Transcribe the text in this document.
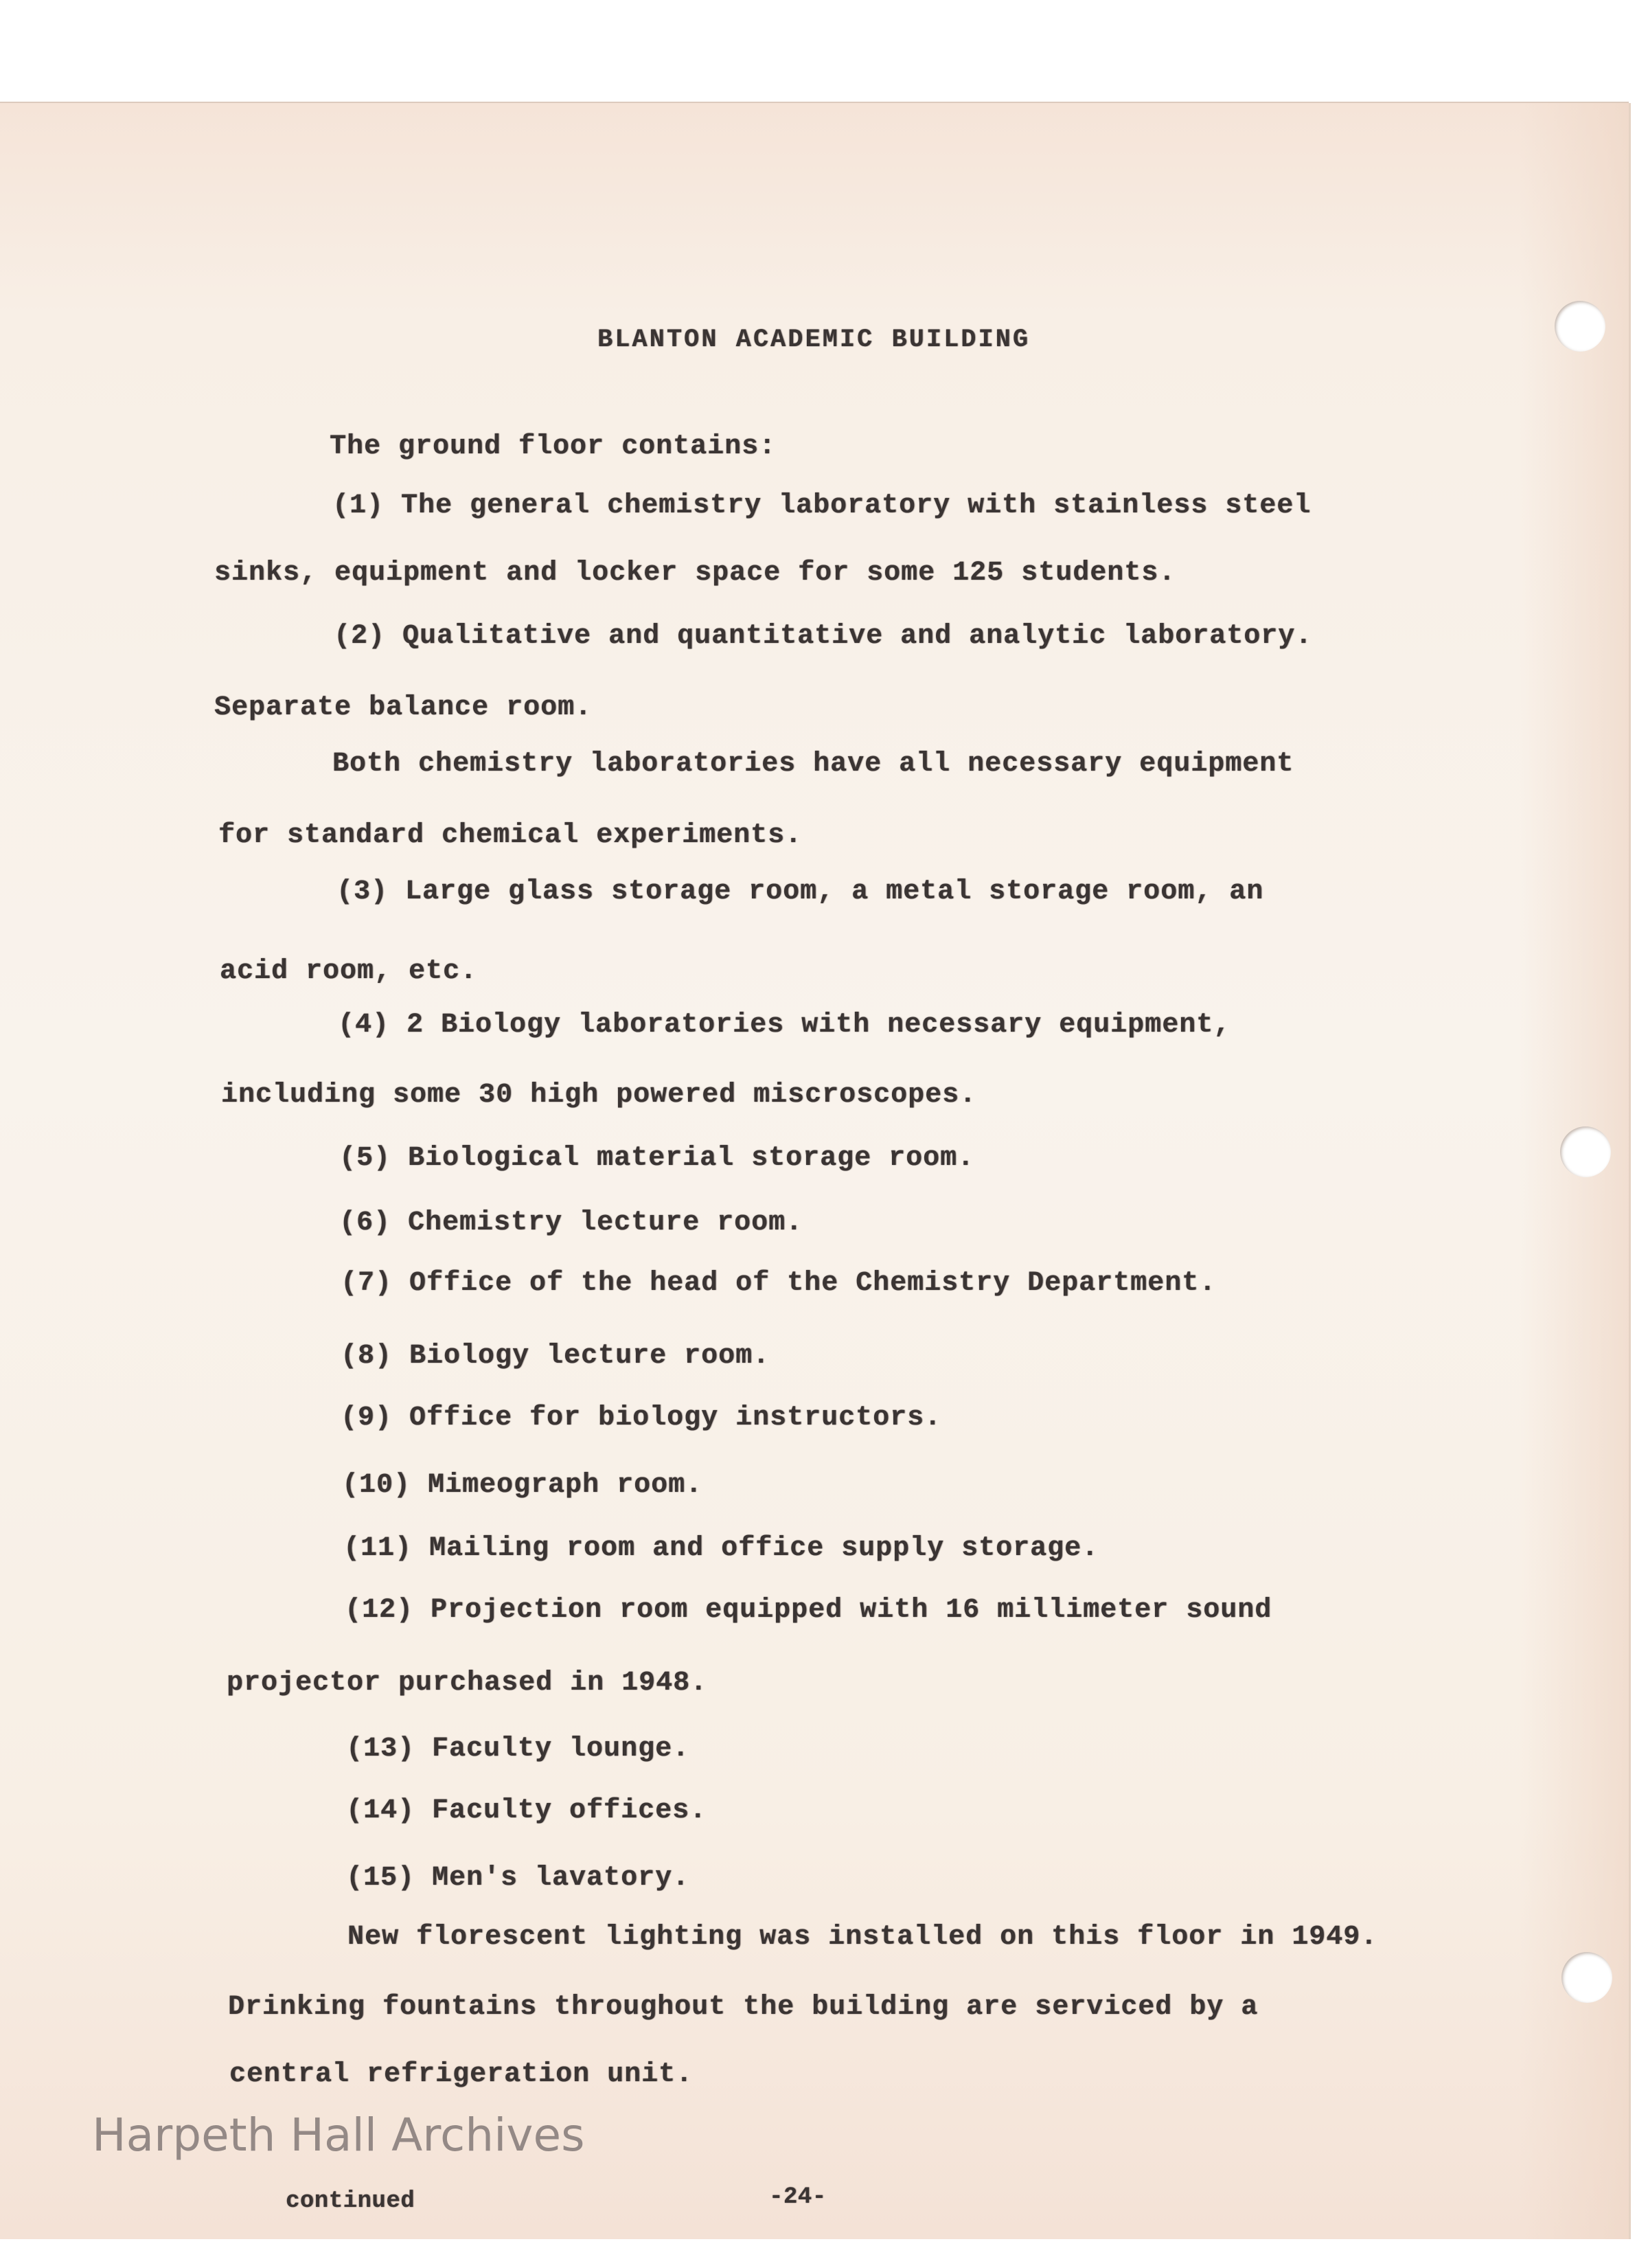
BLANTON ACADEMIC BUILDING
The ground floor contains:
(1) The general chemistry laboratory with stainless steel
sinks, equipment and locker space for some 125 students.
(2) Qualitative and quantitative and analytic laboratory.
Separate balance room.
Both chemistry laboratories have all necessary equipment
for standard chemical experiments.
(3) Large glass storage room, a metal storage room, an
acid room, etc.
(4) 2 Biology laboratories with necessary equipment,
including some 30 high powered miscroscopes.
(5) Biological material storage room.
(6) Chemistry lecture room.
(7) Office of the head of the Chemistry Department.
(8) Biology lecture room.
(9) Office for biology instructors.
(10) Mimeograph room.
(11) Mailing room and office supply storage.
(12) Projection room equipped with 16 millimeter sound
projector purchased in 1948.
(13) Faculty lounge.
(14) Faculty offices.
(15) Men's lavatory.
New florescent lighting was installed on this floor in 1949.
Drinking fountains throughout the building are serviced by a
central refrigeration unit.
continued	-24-
Harpeth Hall Archives
